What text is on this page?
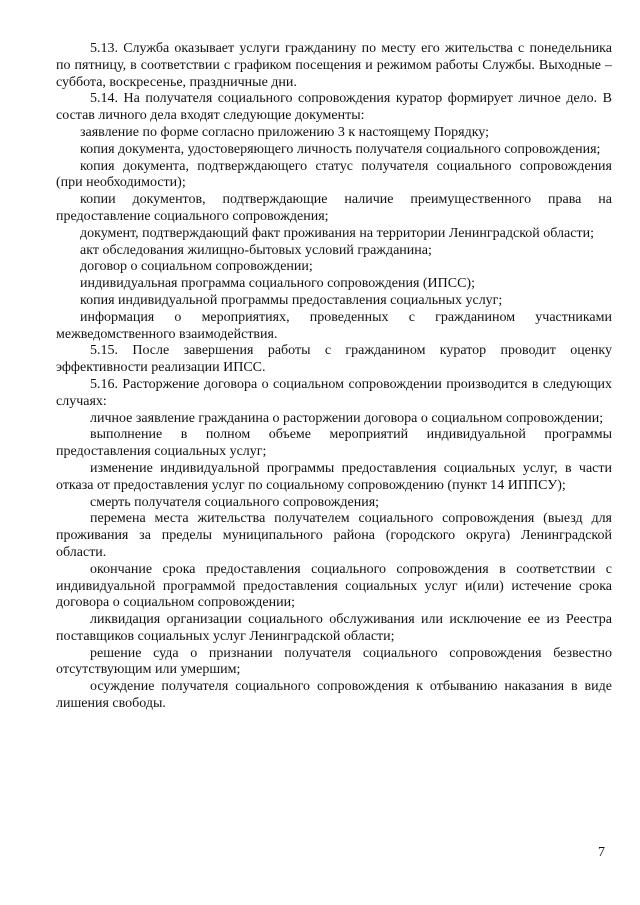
5.13. Служба оказывает услуги гражданину по месту его жительства с понедельника по пятницу, в соответствии с графиком посещения и режимом работы Службы. Выходные – суббота, воскресенье, праздничные дни.

5.14. На получателя социального сопровождения куратор формирует личное дело. В состав личного дела входят следующие документы:

заявление по форме согласно приложению 3 к настоящему Порядку;

копия документа, удостоверяющего личность получателя социального сопровождения;

копия документа, подтверждающего статус получателя социального сопровождения (при необходимости);

копии документов, подтверждающие наличие преимущественного права на предоставление социального сопровождения;

документ, подтверждающий факт проживания на территории Ленинградской области;

акт обследования жилищно-бытовых условий гражданина;

договор о социальном сопровождении;

индивидуальная программа социального сопровождения (ИПСС);

копия индивидуальной программы предоставления социальных услуг;

информация о мероприятиях, проведенных с гражданином участниками межведомственного взаимодействия.

5.15. После завершения работы с гражданином куратор проводит оценку эффективности реализации ИПСС.

5.16. Расторжение договора о социальном сопровождении производится в следующих случаях:

личное заявление гражданина о расторжении договора о социальном сопровождении;

выполнение в полном объеме мероприятий индивидуальной программы предоставления социальных услуг;

изменение индивидуальной программы предоставления социальных услуг, в части отказа от предоставления услуг по социальному сопровождению (пункт 14 ИППСУ);

смерть получателя социального сопровождения;

перемена места жительства получателем социального сопровождения (выезд для проживания за пределы муниципального района (городского округа) Ленинградской области.

окончание срока предоставления социального сопровождения в соответствии с индивидуальной программой предоставления социальных услуг и(или) истечение срока договора о социальном сопровождении;

ликвидация организации социального обслуживания или исключение ее из Реестра поставщиков социальных услуг Ленинградской области;

решение суда о признании получателя социального сопровождения безвестно отсутствующим или умершим;

осуждение получателя социального сопровождения к отбыванию наказания в виде лишения свободы.

7
